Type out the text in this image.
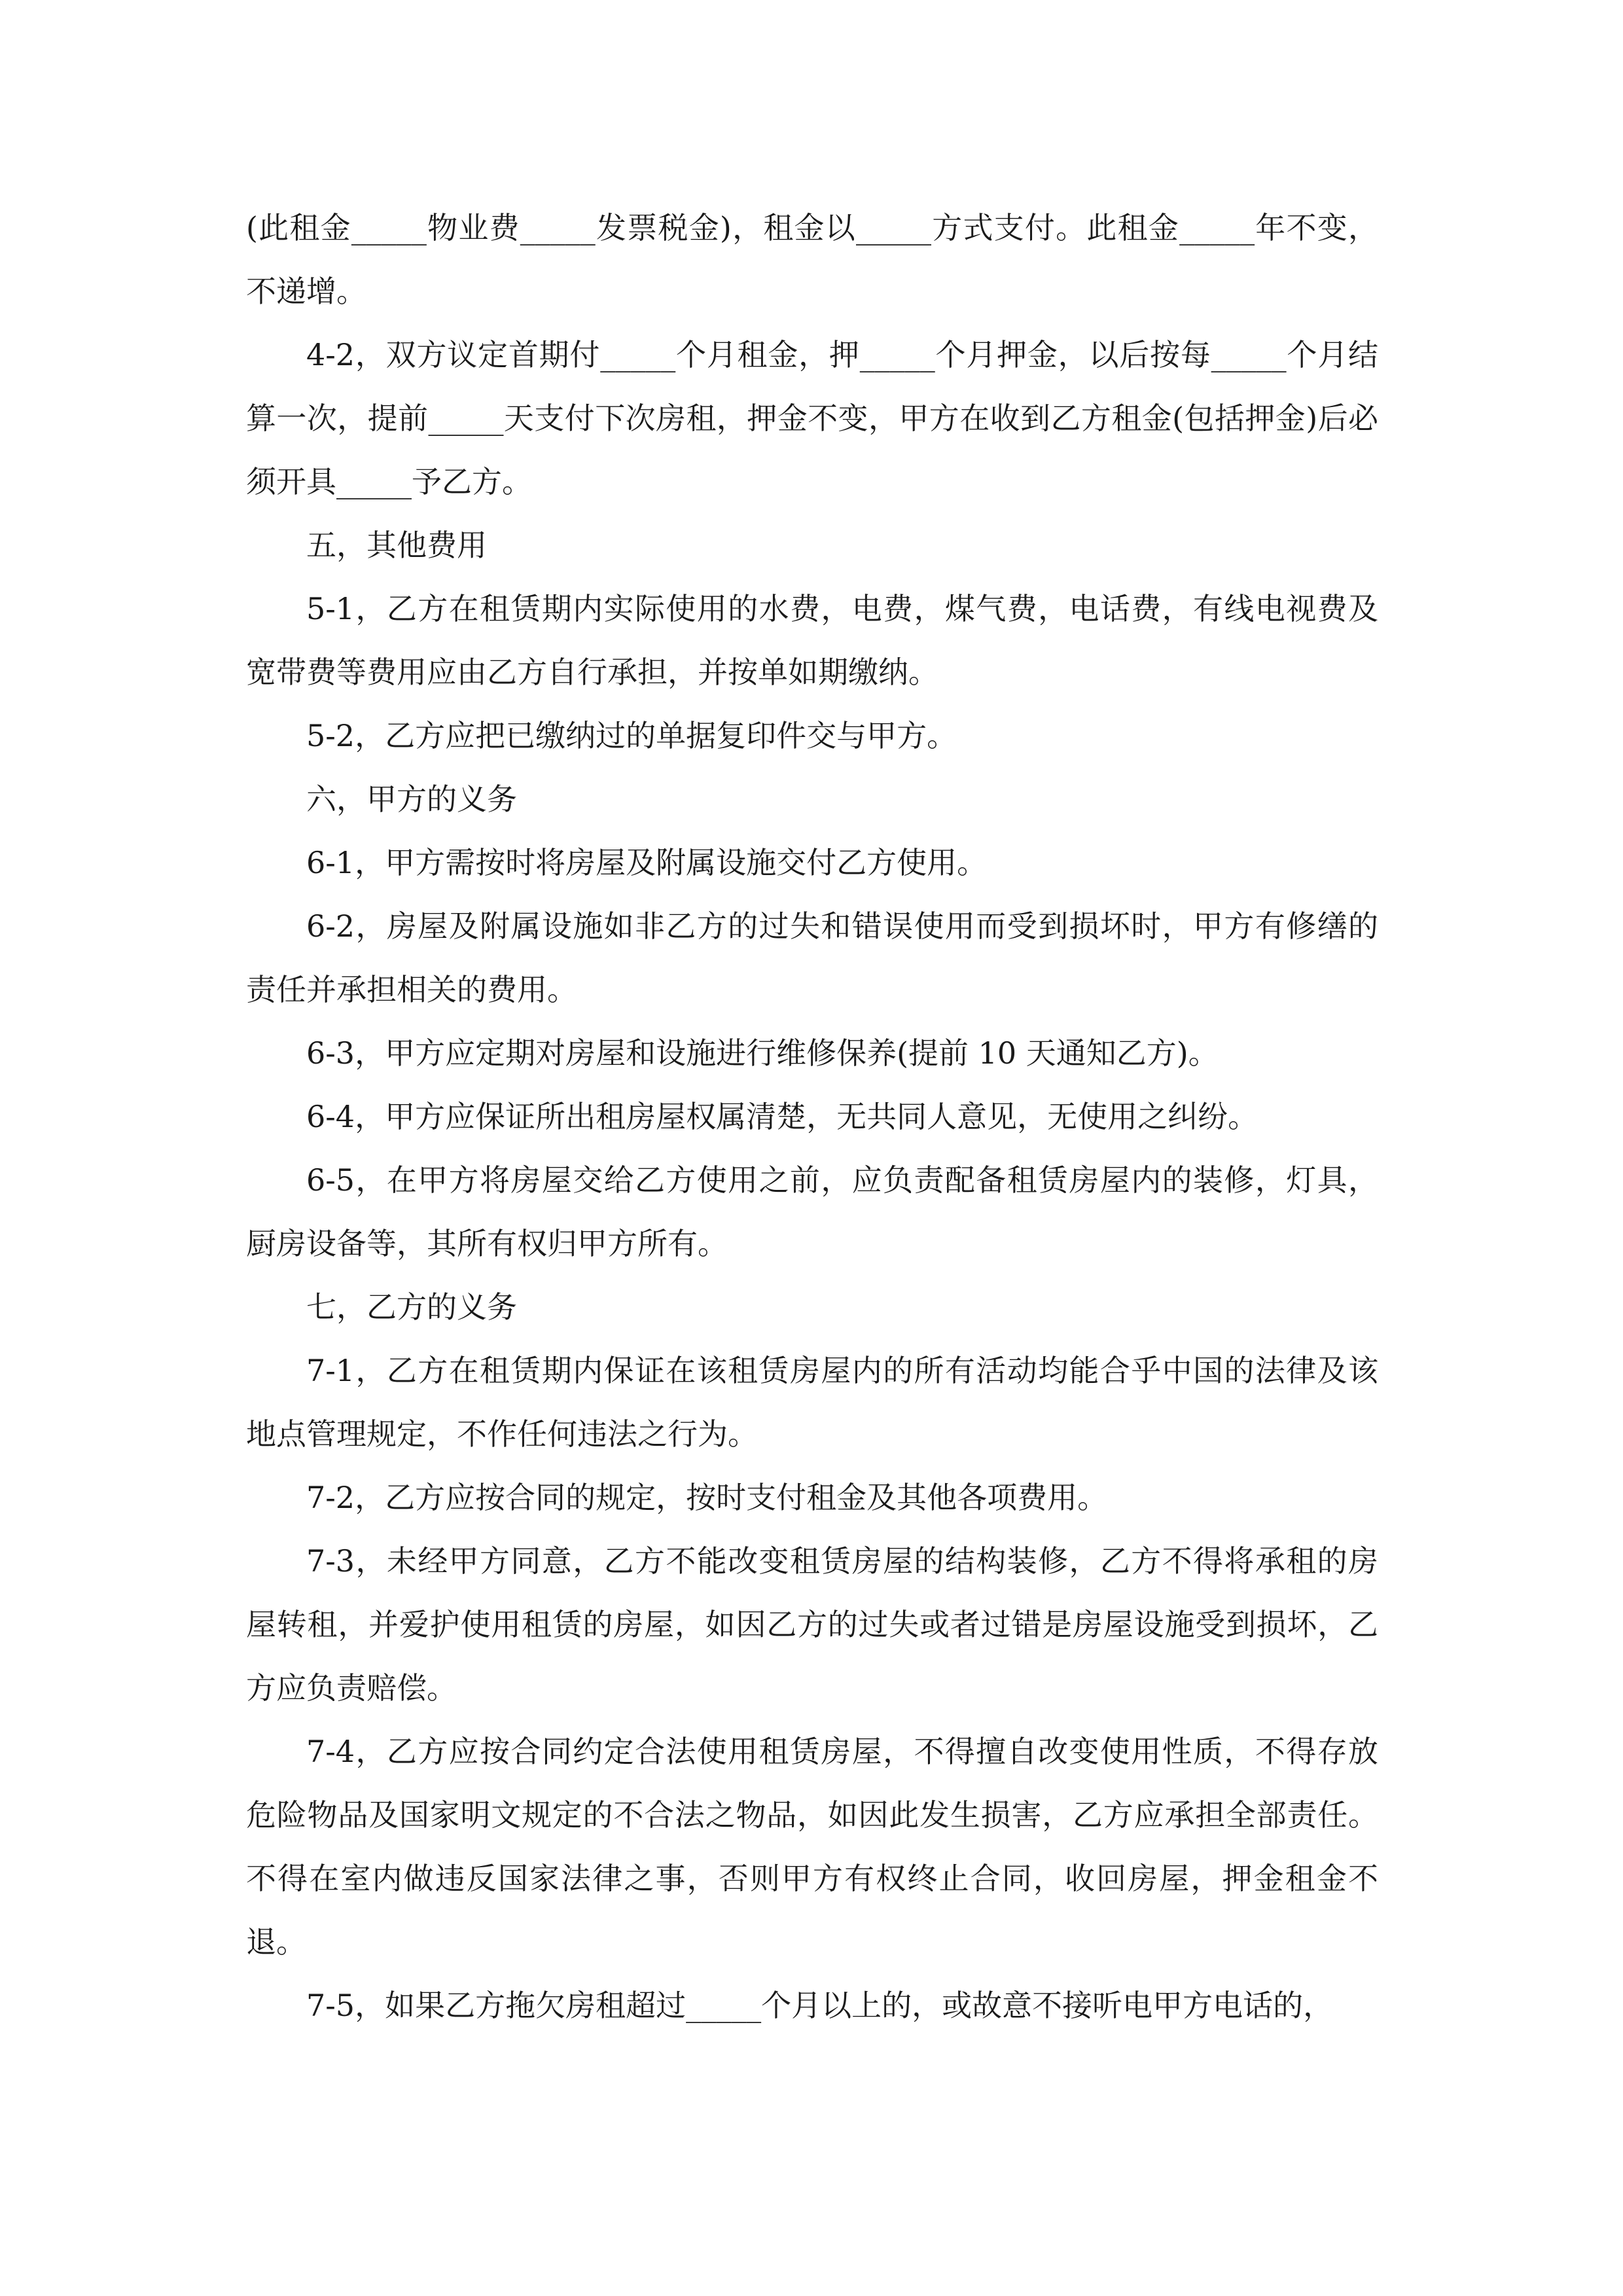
(此租金_____物业费_____发票税金)，租金以_____方式支付。此租金_____年不变，不递增。

4-2，双方议定首期付_____个月租金，押_____个月押金，以后按每_____个月结算一次，提前_____天支付下次房租，押金不变，甲方在收到乙方租金(包括押金)后必须开具_____予乙方。

五，其他费用

5-1，乙方在租赁期内实际使用的水费，电费，煤气费，电话费，有线电视费及宽带费等费用应由乙方自行承担，并按单如期缴纳。

5-2，乙方应把已缴纳过的单据复印件交与甲方。

六，甲方的义务

6-1，甲方需按时将房屋及附属设施交付乙方使用。

6-2，房屋及附属设施如非乙方的过失和错误使用而受到损坏时，甲方有修缮的责任并承担相关的费用。

6-3，甲方应定期对房屋和设施进行维修保养(提前 10 天通知乙方)。

6-4，甲方应保证所出租房屋权属清楚，无共同人意见，无使用之纠纷。

6-5，在甲方将房屋交给乙方使用之前，应负责配备租赁房屋内的装修，灯具，厨房设备等，其所有权归甲方所有。

七，乙方的义务

7-1，乙方在租赁期内保证在该租赁房屋内的所有活动均能合乎中国的法律及该地点管理规定，不作任何违法之行为。

7-2，乙方应按合同的规定，按时支付租金及其他各项费用。

7-3，未经甲方同意，乙方不能改变租赁房屋的结构装修，乙方不得将承租的房屋转租，并爱护使用租赁的房屋，如因乙方的过失或者过错是房屋设施受到损坏，乙方应负责赔偿。

7-4，乙方应按合同约定合法使用租赁房屋，不得擅自改变使用性质，不得存放危险物品及国家明文规定的不合法之物品，如因此发生损害，乙方应承担全部责任。不得在室内做违反国家法律之事，否则甲方有权终止合同，收回房屋，押金租金不退。

7-5，如果乙方拖欠房租超过_____个月以上的，或故意不接听电甲方电话的，
